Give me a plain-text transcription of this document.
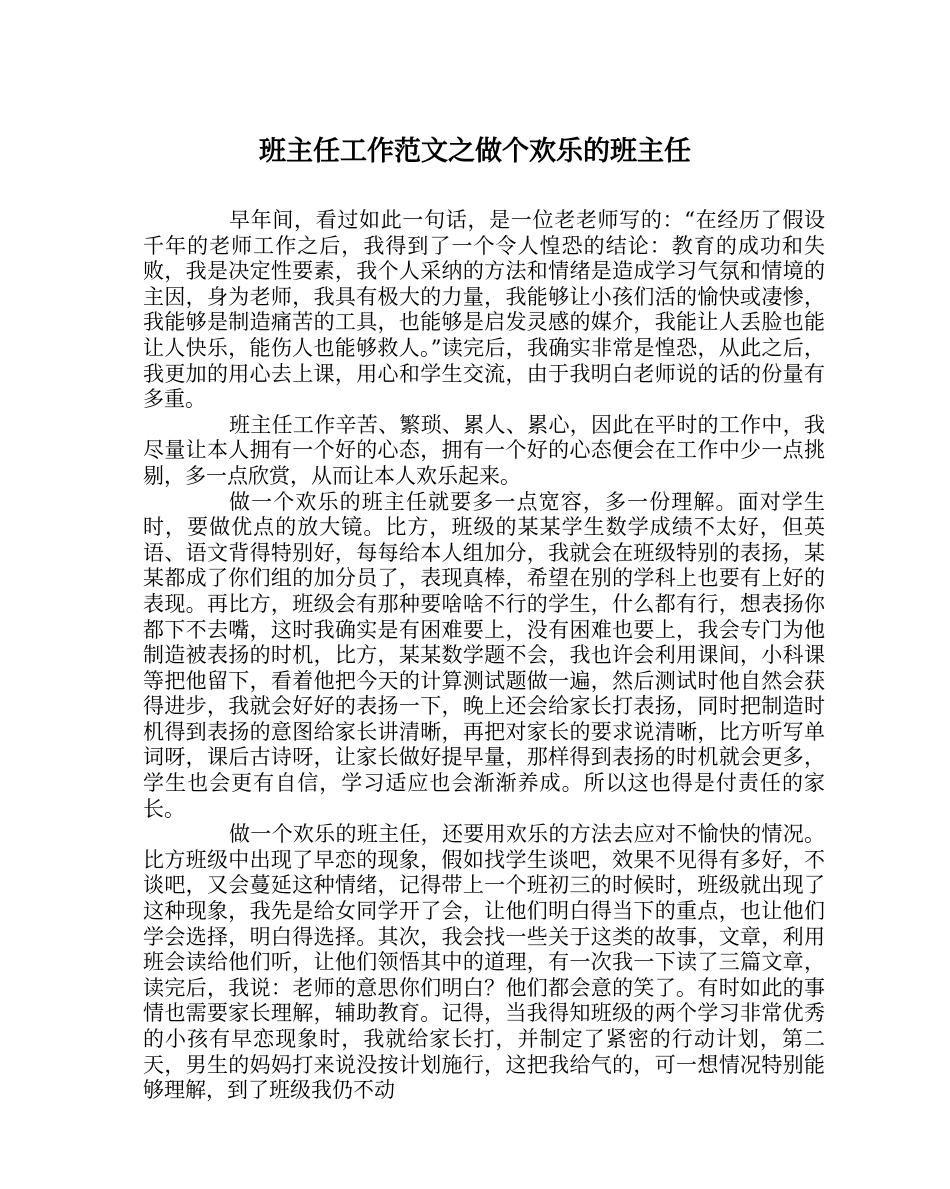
班主任工作范文之做个欢乐的班主任

早年间，看过如此一句话，是一位老老师写的：“在经历了假设千年的老师工作之后，我得到了一个令人惶恐的结论：教育的成功和失败，我是决定性要素，我个人采纳的方法和情绪是造成学习气氛和情境的主因，身为老师，我具有极大的力量，我能够让小孩们活的愉快或凄惨，我能够是制造痛苦的工具，也能够是启发灵感的媒介，我能让人丢脸也能让人快乐，能伤人也能够救人。”读完后，我确实非常是惶恐，从此之后，我更加的用心去上课，用心和学生交流，由于我明白老师说的话的份量有多重。

班主任工作辛苦、繁琐、累人、累心，因此在平时的工作中，我尽量让本人拥有一个好的心态，拥有一个好的心态便会在工作中少一点挑剔，多一点欣赏，从而让本人欢乐起来。

做一个欢乐的班主任就要多一点宽容，多一份理解。面对学生时，要做优点的放大镜。比方，班级的某某学生数学成绩不太好，但英语、语文背得特别好，每每给本人组加分，我就会在班级特别的表扬，某某都成了你们组的加分员了，表现真棒，希望在别的学科上也要有上好的表现。再比方，班级会有那种要啥啥不行的学生，什么都有行，想表扬你都下不去嘴，这时我确实是有困难要上，没有困难也要上，我会专门为他制造被表扬的时机，比方，某某数学题不会，我也许会利用课间，小科课等把他留下，看着他把今天的计算测试题做一遍，然后测试时他自然会获得进步，我就会好好的表扬一下，晚上还会给家长打表扬，同时把制造时机得到表扬的意图给家长讲清晰，再把对家长的要求说清晰，比方听写单词呀，课后古诗呀，让家长做好提早量，那样得到表扬的时机就会更多，学生也会更有自信，学习适应也会渐渐养成。所以这也得是付责任的家长。

做一个欢乐的班主任，还要用欢乐的方法去应对不愉快的情况。比方班级中出现了早恋的现象，假如找学生谈吧，效果不见得有多好，不谈吧，又会蔓延这种情绪，记得带上一个班初三的时候时，班级就出现了这种现象，我先是给女同学开了会，让他们明白得当下的重点，也让他们学会选择，明白得选择。其次，我会找一些关于这类的故事，文章，利用班会读给他们听，让他们领悟其中的道理，有一次我一下读了三篇文章，读完后，我说：老师的意思你们明白？他们都会意的笑了。有时如此的事情也需要家长理解，辅助教育。记得，当我得知班级的两个学习非常优秀的小孩有早恋现象时，我就给家长打，并制定了紧密的行动计划，第二天，男生的妈妈打来说没按计划施行，这把我给气的，可一想情况特别能够理解，到了班级我仍不动
